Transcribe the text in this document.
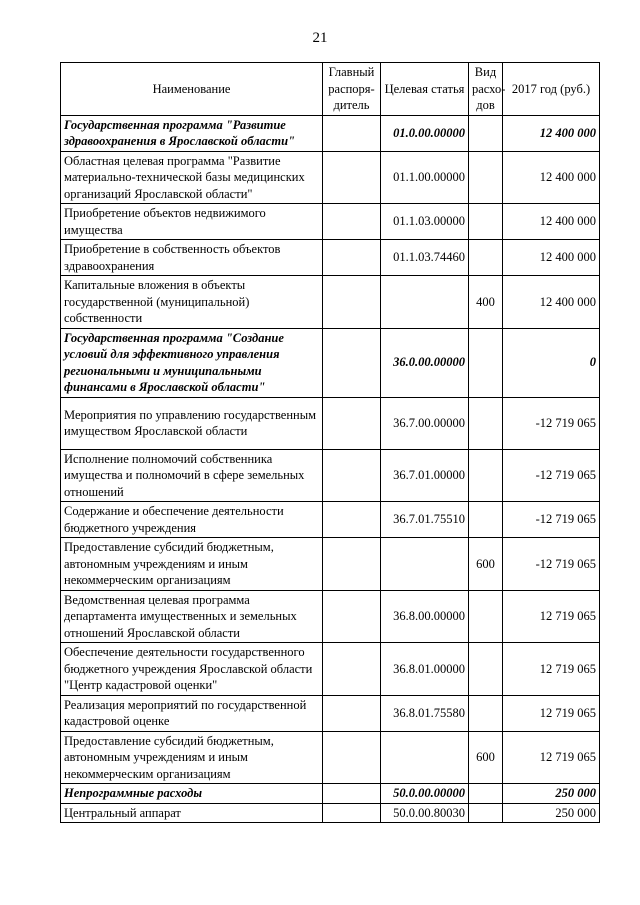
21
Наименование	Главный распоря- дитель	Целевая статья	Вид расхо- дов	2017 год (руб.)
Государственная программа "Развитие здравоохранения в Ярославской области"		01.0.00.00000		12 400 000
Областная целевая программа "Развитие материально-технической базы медицинских организаций Ярославской области"		01.1.00.00000		12 400 000
Приобретение объектов недвижимого имущества		01.1.03.00000		12 400 000
Приобретение в собственность объектов здравоохранения		01.1.03.74460		12 400 000
Капитальные вложения в объекты государственной (муниципальной) собственности			400	12 400 000
Государственная программа "Создание условий для эффективного управления региональными и муниципальными финансами в Ярославской области"		36.0.00.00000		0
Мероприятия по управлению государственным имуществом Ярославской области		36.7.00.00000		-12 719 065
Исполнение полномочий собственника имущества и полномочий в сфере земельных отношений		36.7.01.00000		-12 719 065
Содержание и обеспечение деятельности бюджетного учреждения		36.7.01.75510		-12 719 065
Предоставление субсидий бюджетным, автономным учреждениям и иным некоммерческим организациям			600	-12 719 065
Ведомственная целевая программа департамента имущественных и земельных отношений Ярославской области		36.8.00.00000		12 719 065
Обеспечение деятельности государственного бюджетного учреждения Ярославской области "Центр кадастровой оценки"		36.8.01.00000		12 719 065
Реализация мероприятий по государственной кадастровой оценке		36.8.01.75580		12 719 065
Предоставление субсидий бюджетным, автономным учреждениям и иным некоммерческим организациям			600	12 719 065
Непрограммные расходы		50.0.00.00000		250 000
Центральный аппарат		50.0.00.80030		250 000
